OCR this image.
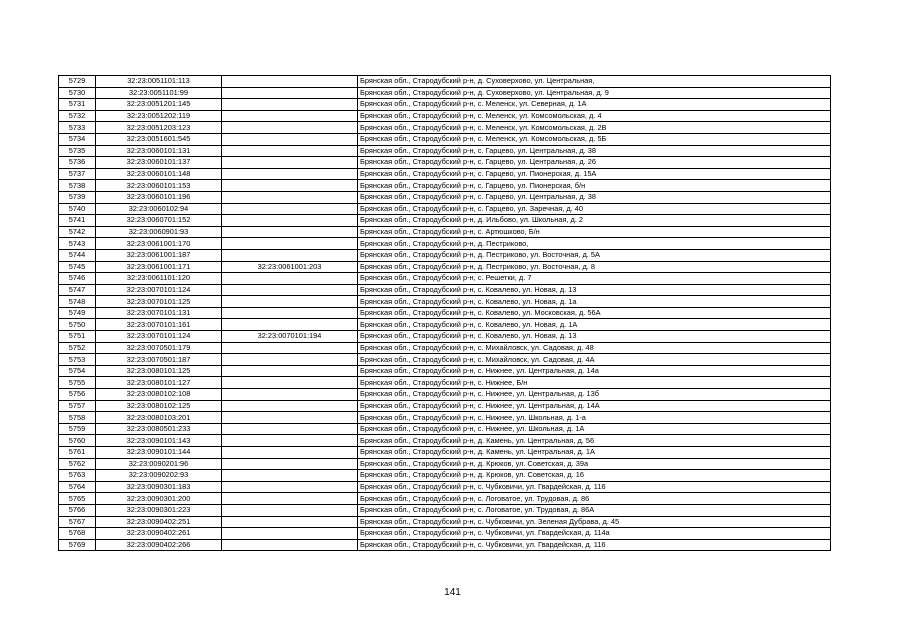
5729	32:23:0051101:113		Брянская обл., Стародубский р-н, д. Суховерхово, ул. Центральная,
5730	32:23:0051101:99		Брянская обл., Стародубский р-н, д. Суховерхово, ул. Центральная, д. 9
5731	32:23:0051201:145		Брянская обл., Стародубский р-н, с. Меленск, ул. Северная, д. 1А
5732	32:23:0051202:119		Брянская обл., Стародубский р-н, с. Меленск, ул. Комсомольская, д. 4
5733	32:23:0051203:123		Брянская обл., Стародубский р-н, с. Меленск, ул. Комсомольская, д. 2В
5734	32:23:0051601:545		Брянская обл., Стародубский р-н, с. Меленск, ул. Комсомольская, д. 5Б
5735	32:23:0060101:131		Брянская обл., Стародубский р-н, с. Гарцево, ул. Центральная, д. 38
5736	32:23:0060101:137		Брянская обл., Стародубский р-н, с. Гарцево, ул. Центральная, д. 26
5737	32:23:0060101:148		Брянская обл., Стародубский р-н, с. Гарцево, ул. Пионерская, д. 15А
5738	32:23:0060101:153		Брянская обл., Стародубский р-н, с. Гарцево, ул. Пионерская, б/н
5739	32:23:0060101:196		Брянская обл., Стародубский р-н, с. Гарцево, ул. Центральная, д. 38
5740	32:23:0060102:94		Брянская обл., Стародубский р-н, с. Гарцево, ул. Заречная, д. 40
5741	32:23:0060701:152		Брянская обл., Стародубский р-н, д. Ильбово, ул. Школьная, д. 2
5742	32:23:0060901:93		Брянская обл., Стародубский р-н, с. Артюшково, Б/н
5743	32:23:0061001:170		Брянская обл., Стародубский р-н, д. Пестриково,
5744	32:23:0061001:187		Брянская обл., Стародубский р-н, д. Пестриково, ул. Восточная, д. 5А
5745	32:23:0061001:171	32:23:0061001:203	Брянская обл., Стародубский р-н, д. Пестриково, ул. Восточная, д. 8
5746	32:23:0061101:120		Брянская обл., Стародубский р-н, с. Решетки, д. 7
5747	32:23:0070101:124		Брянская обл., Стародубский р-н, с. Ковалево, ул. Новая, д. 13
5748	32:23:0070101:125		Брянская обл., Стародубский р-н, с. Ковалево, ул. Новая, д. 1а
5749	32:23:0070101:131		Брянская обл., Стародубский р-н, с. Ковалево, ул. Московская, д. 56А
5750	32:23:0070101:161		Брянская обл., Стародубский р-н, с. Ковалево, ул. Новая, д. 1А
5751	32:23:0070101:124	32:23:0070101:194	Брянская обл., Стародубский р-н, с. Ковалево, ул. Новая, д. 13
5752	32:23:0070501:179		Брянская обл., Стародубский р-н, с. Михайловск, ул. Садовая, д. 48
5753	32:23:0070501:187		Брянская обл., Стародубский р-н, с. Михайловск, ул. Садовая, д. 4А
5754	32:23:0080101:125		Брянская обл., Стародубский р-н, с. Нижнее, ул. Центральная, д. 14а
5755	32:23:0080101:127		Брянская обл., Стародубский р-н, с. Нижнее, Б/н
5756	32:23:0080102:108		Брянская обл., Стародубский р-н, с. Нижнее, ул. Центральная, д. 13б
5757	32:23:0080102:125		Брянская обл., Стародубский р-н, с. Нижнее, ул. Центральная, д. 14А
5758	32:23:0080103:201		Брянская обл., Стародубский р-н, с. Нижнее, ул. Школьная, д. 1-а
5759	32:23:0080501:233		Брянская обл., Стародубский р-н, с. Нижнее, ул. Школьная, д. 1А
5760	32:23:0090101:143		Брянская обл., Стародубский р-н, д. Камень, ул. Центральная, д. 56
5761	32:23:0090101:144		Брянская обл., Стародубский р-н, д. Камень, ул. Центральная, д. 1А
5762	32:23:0090201:96		Брянская обл., Стародубский р-н, д. Крюков, ул. Советская, д. 39а
5763	32:23:0090202:93		Брянская обл., Стародубский р-н, д. Крюков, ул. Советская, д. 16
5764	32:23:0090301:183		Брянская обл., Стародубский р-н, с. Чубковичи, ул. Гвардейская, д. 116
5765	32:23:0090301:200		Брянская обл., Стародубский р-н, с. Логоватое, ул. Трудовая, д. 86
5766	32:23:0090301:223		Брянская обл., Стародубский р-н, с. Логоватое, ул. Трудовая, д. 86А
5767	32:23:0090402:251		Брянская обл., Стародубский р-н, с. Чубковичи, ул. Зеленая Дубрава, д. 45
5768	32:23:0090402:261		Брянская обл., Стародубский р-н, с. Чубковичи, ул. Гвардейская, д. 114а
5769	32:23:0090402:266		Брянская обл., Стародубский р-н, с. Чубковичи, ул. Гвардейская, д. 116
141
